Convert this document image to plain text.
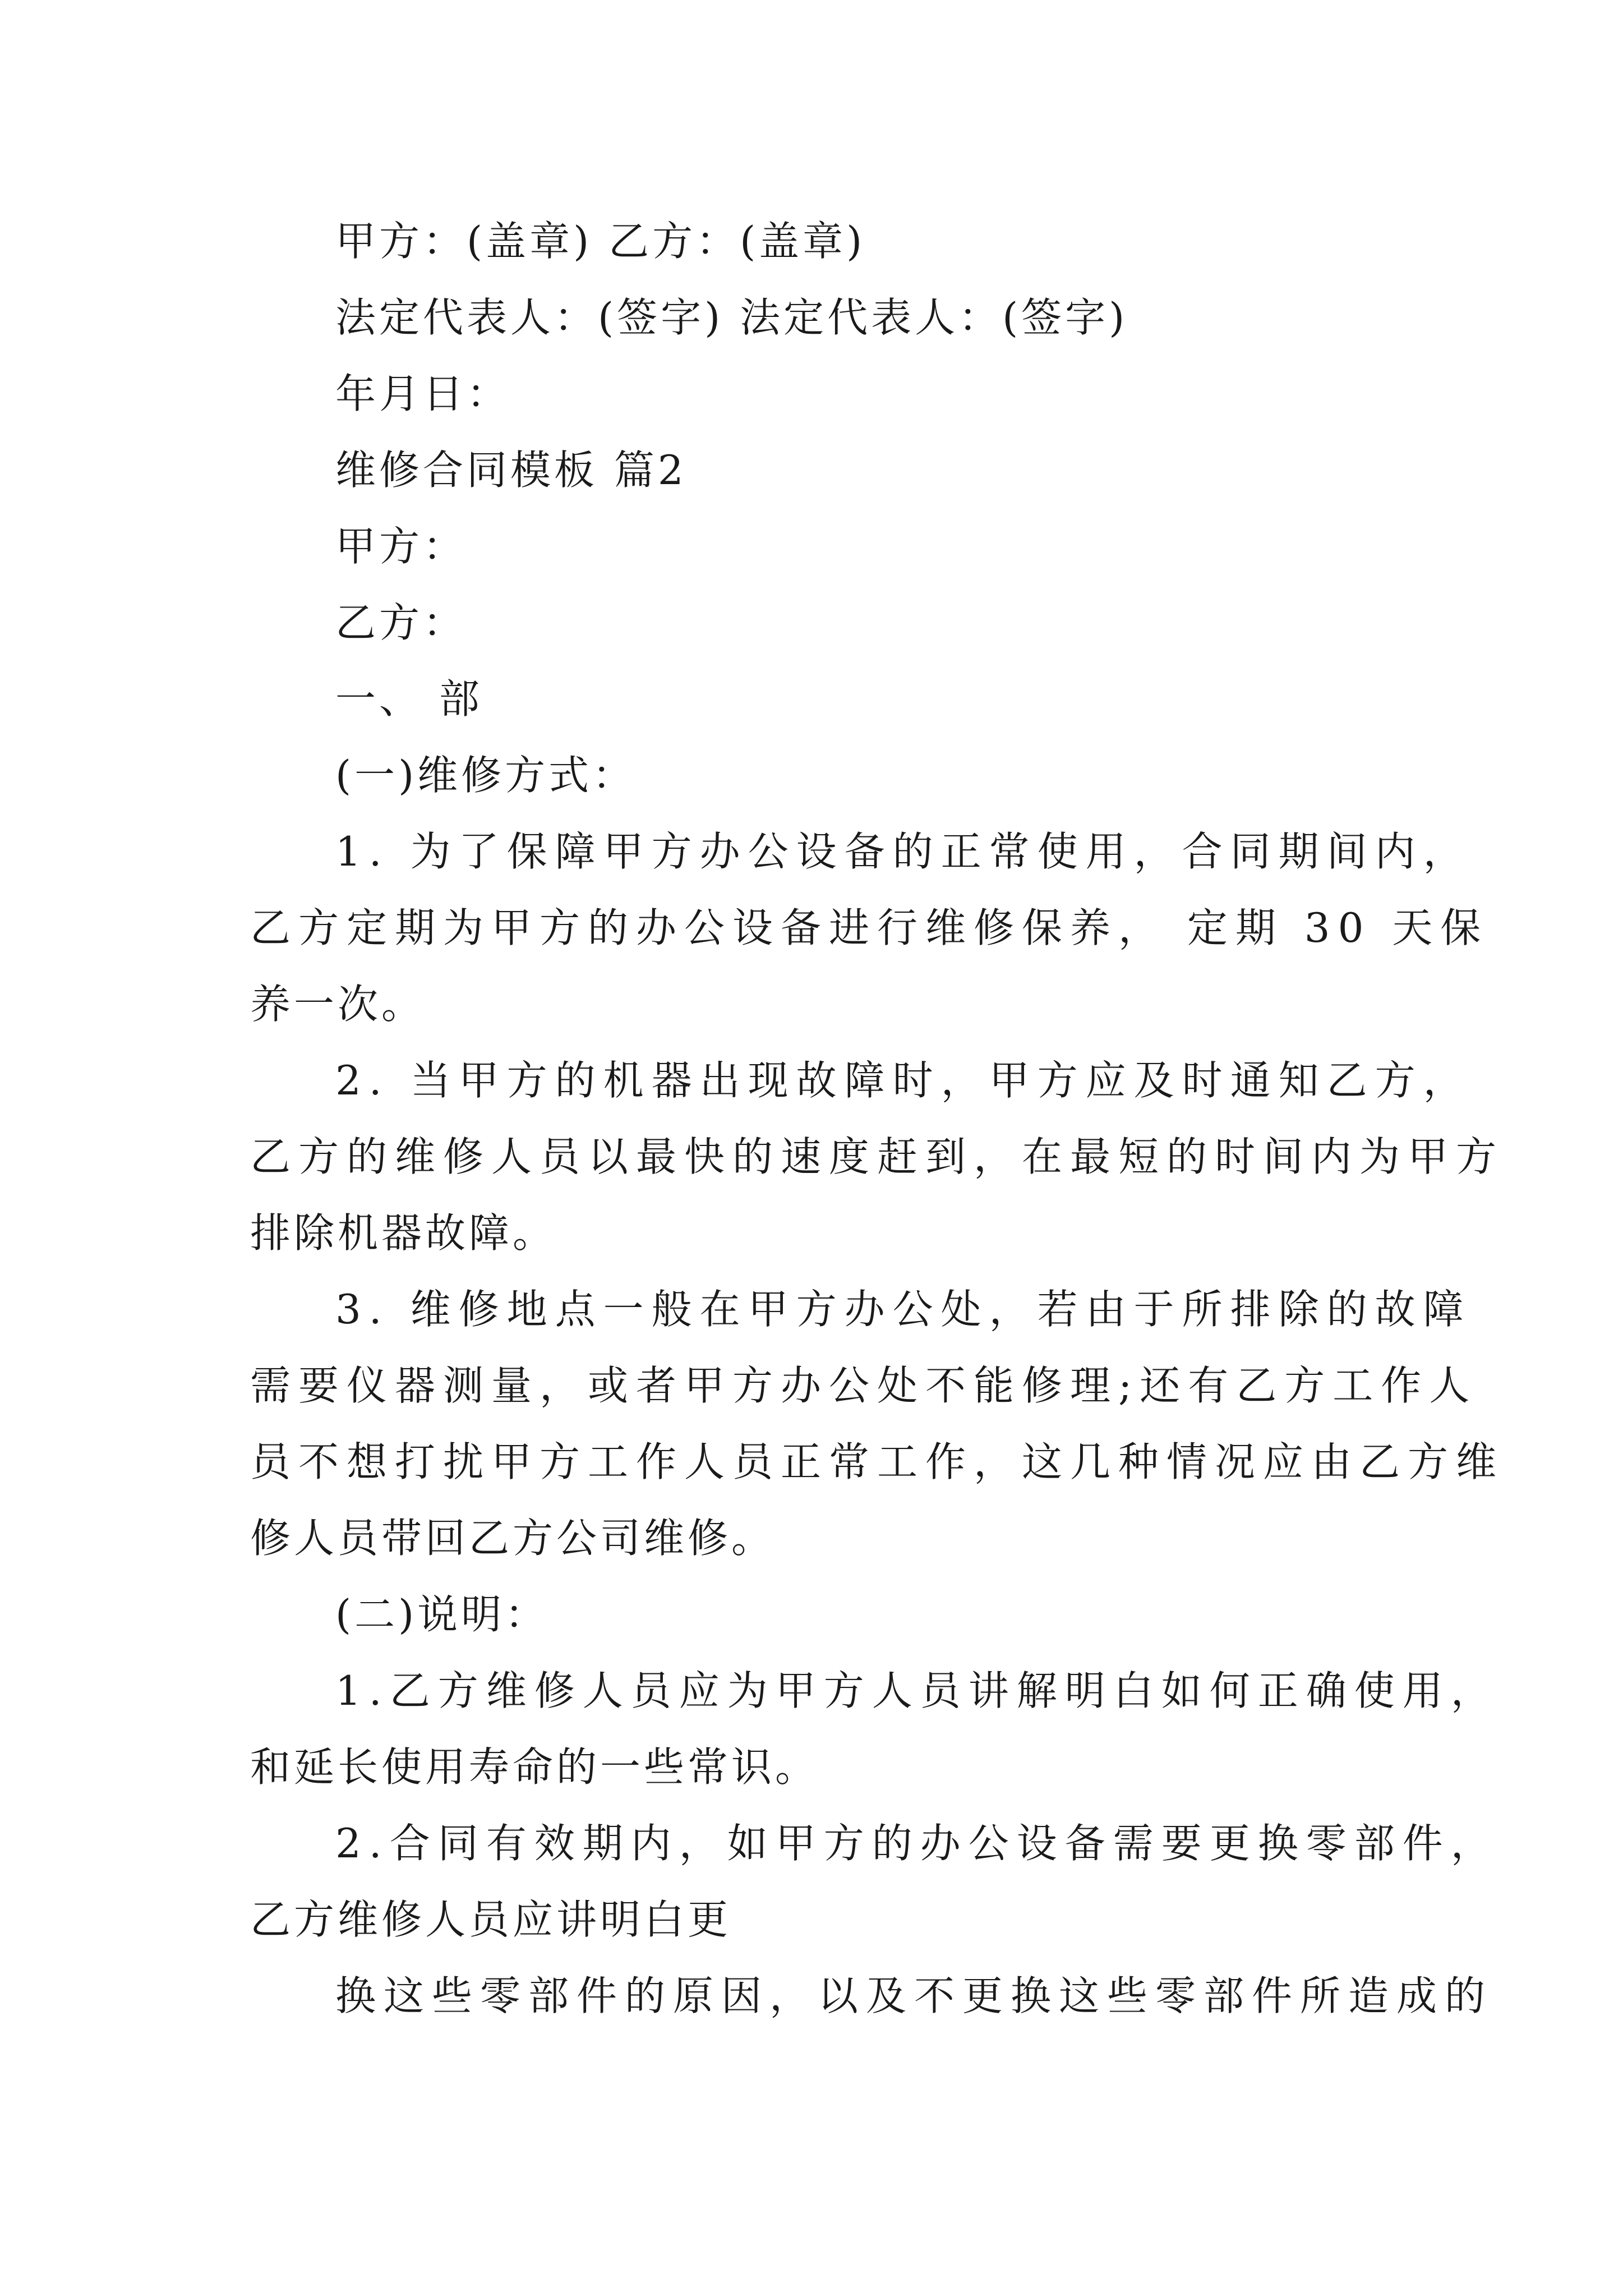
甲方：(盖章) 乙方：(盖章)
法定代表人：(签字) 法定代表人：(签字)
年月日：
维修合同模板 篇2
甲方：
乙方：
一、 部
(一)维修方式：
1. 为了保障甲方办公设备的正常使用，合同期间内，
乙方定期为甲方的办公设备进行维修保养， 定期 30 天保
养一次。
2. 当甲方的机器出现故障时，甲方应及时通知乙方，
乙方的维修人员以最快的速度赶到，在最短的时间内为甲方
排除机器故障。
3. 维修地点一般在甲方办公处，若由于所排除的故障
需要仪器测量，或者甲方办公处不能修理;还有乙方工作人
员不想打扰甲方工作人员正常工作，这几种情况应由乙方维
修人员带回乙方公司维修。
(二)说明：
1.乙方维修人员应为甲方人员讲解明白如何正确使用，
和延长使用寿命的一些常识。
2.合同有效期内，如甲方的办公设备需要更换零部件，
乙方维修人员应讲明白更
换这些零部件的原因，以及不更换这些零部件所造成的
